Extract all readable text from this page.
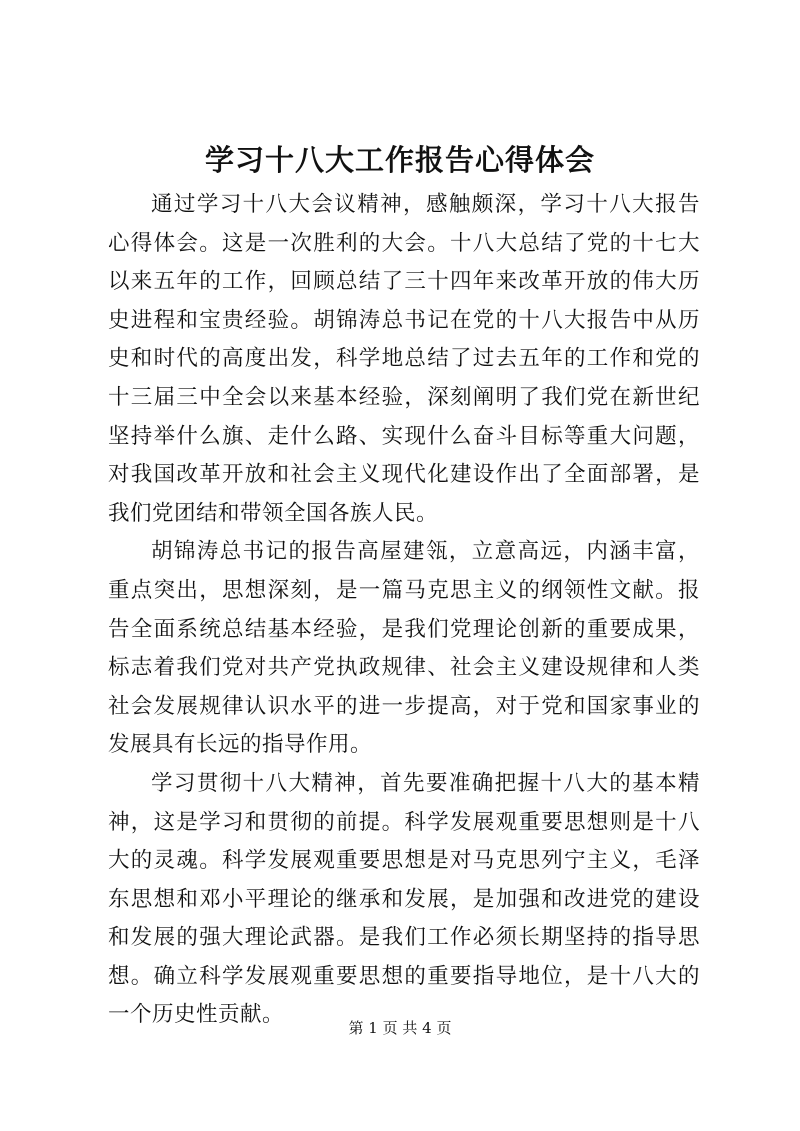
学习十八大工作报告心得体会

通过学习十八大会议精神，感触颇深，学习十八大报告心得体会。这是一次胜利的大会。十八大总结了党的十七大以来五年的工作，回顾总结了三十四年来改革开放的伟大历史进程和宝贵经验。胡锦涛总书记在党的十八大报告中从历史和时代的高度出发，科学地总结了过去五年的工作和党的十三届三中全会以来基本经验，深刻阐明了我们党在新世纪坚持举什么旗、走什么路、实现什么奋斗目标等重大问题，对我国改革开放和社会主义现代化建设作出了全面部署，是我们党团结和带领全国各族人民。

胡锦涛总书记的报告高屋建瓴，立意高远，内涵丰富，重点突出，思想深刻，是一篇马克思主义的纲领性文献。报告全面系统总结基本经验，是我们党理论创新的重要成果，标志着我们党对共产党执政规律、社会主义建设规律和人类社会发展规律认识水平的进一步提高，对于党和国家事业的发展具有长远的指导作用。

学习贯彻十八大精神，首先要准确把握十八大的基本精神，这是学习和贯彻的前提。科学发展观重要思想则是十八大的灵魂。科学发展观重要思想是对马克思列宁主义，毛泽东思想和邓小平理论的继承和发展，是加强和改进党的建设和发展的强大理论武器。是我们工作必须长期坚持的指导思想。确立科学发展观重要思想的重要指导地位，是十八大的一个历史性贡献。

第 1 页 共 4 页
